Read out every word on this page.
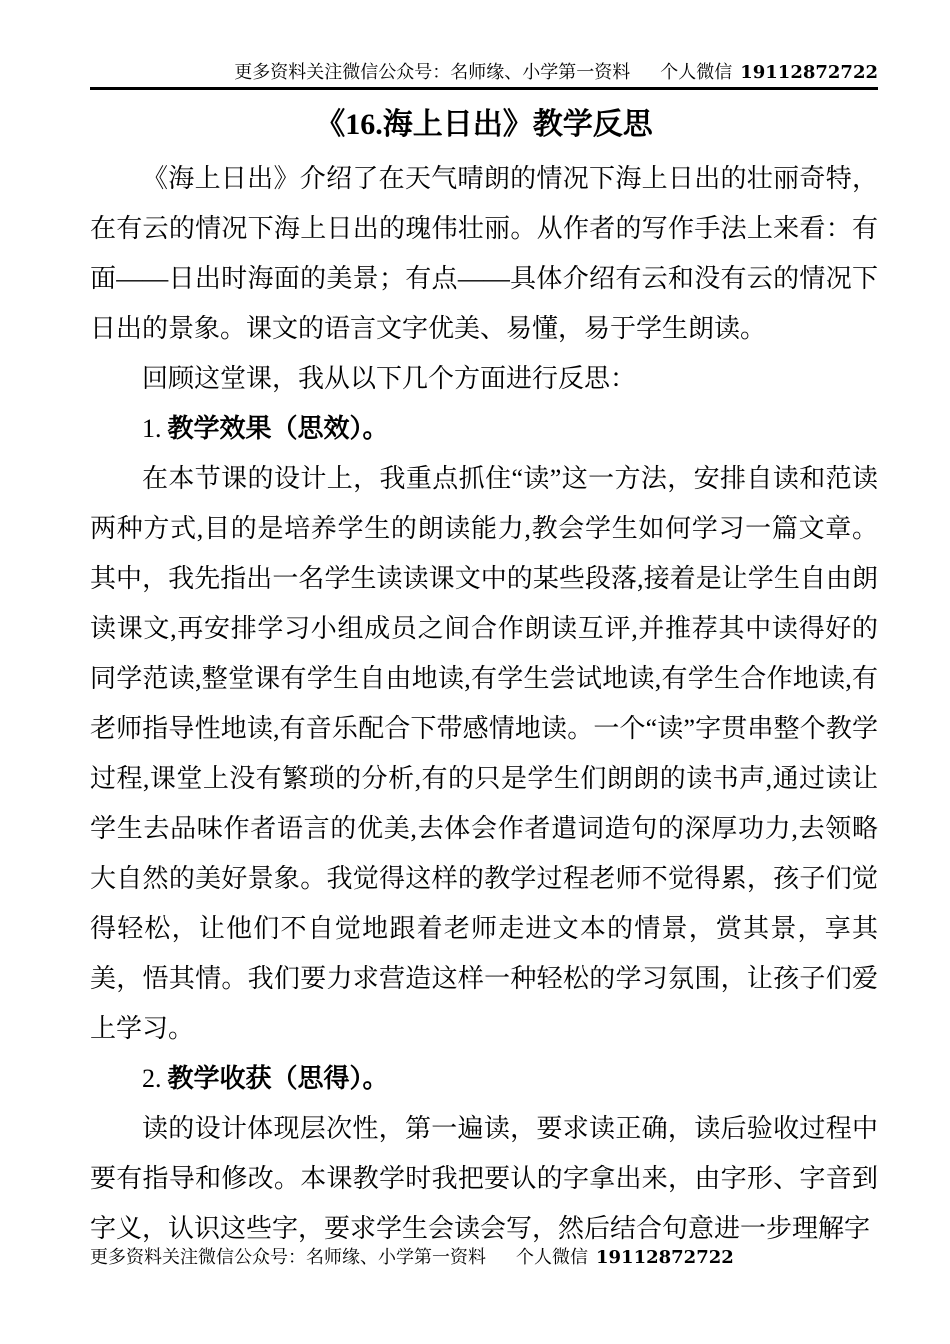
更多资料关注微信公众号：名师缘、小学第一资料 个人微信 19112872722
《16.海上日出》教学反思

《海上日出》介绍了在天气晴朗的情况下海上日出的壮丽奇特，在有云的情况下海上日出的瑰伟壮丽。从作者的写作手法上来看：有面——日出时海面的美景；有点——具体介绍有云和没有云的情况下日出的景象。课文的语言文字优美、易懂，易于学生朗读。

回顾这堂课，我从以下几个方面进行反思：

1. 教学效果（思效）。

在本节课的设计上，我重点抓住“读”这一方法，安排自读和范读两种方式,目的是培养学生的朗读能力,教会学生如何学习一篇文章。其中，我先指出一名学生读读课文中的某些段落,接着是让学生自由朗读课文,再安排学习小组成员之间合作朗读互评,并推荐其中读得好的同学范读,整堂课有学生自由地读,有学生尝试地读,有学生合作地读,有老师指导性地读,有音乐配合下带感情地读。一个“读”字贯串整个教学过程,课堂上没有繁琐的分析,有的只是学生们朗朗的读书声,通过读让学生去品味作者语言的优美,去体会作者遣词造句的深厚功力,去领略大自然的美好景象。我觉得这样的教学过程老师不觉得累，孩子们觉得轻松，让他们不自觉地跟着老师走进文本的情景，赏其景，享其美，悟其情。我们要力求营造这样一种轻松的学习氛围，让孩子们爱上学习。

2. 教学收获（思得）。

读的设计体现层次性，第一遍读，要求读正确，读后验收过程中要有指导和修改。本课教学时我把要认的字拿出来，由字形、字音到字义，认识这些字，要求学生会读会写，然后结合句意进一步理解字

更多资料关注微信公众号：名师缘、小学第一资料 个人微信 19112872722
